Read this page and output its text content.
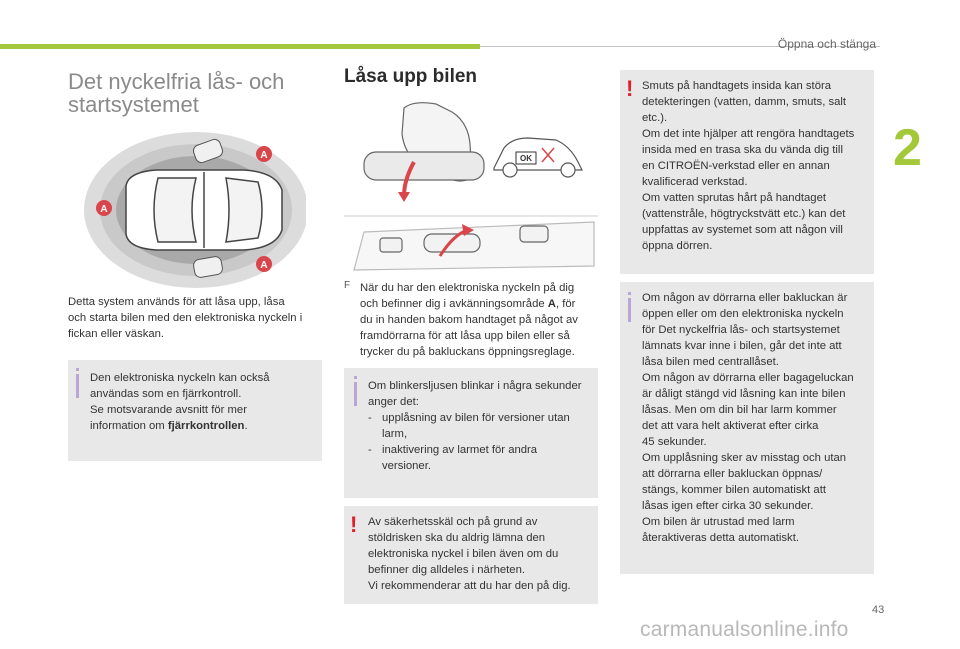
Öppna och stänga
2
Det nyckelfria lås- och
startsystemet
A
A
A

Detta system används för att låsa upp, låsa
och starta bilen med den elektroniska nyckeln i
fickan eller väskan.

Den elektroniska nyckeln kan också
användas som en fjärrkontroll.
Se motsvarande avsnitt för mer
information om fjärrkontrollen.

Låsa upp bilen
OK
F När du har den elektroniska nyckeln på dig
och befinner dig i avkänningsområde A, för
du in handen bakom handtaget på något av
framdörrarna för att låsa upp bilen eller så
trycker du på bakluckans öppningsreglage.

Om blinkersljusen blinkar i några sekunder
anger det:
- upplåsning av bilen för versioner utan
larm,
- inaktivering av larmet för andra
versioner.
! Av säkerhetsskäl och på grund av
stöldrisken ska du aldrig lämna den
elektroniska nyckel i bilen även om du
befinner dig alldeles i närheten.
Vi rekommenderar att du har den på dig.
! Smuts på handtagets insida kan störa
detekteringen (vatten, damm, smuts, salt
etc.).
Om det inte hjälper att rengöra handtagets
insida med en trasa ska du vända dig till
en CITROËN-verkstad eller en annan
kvalificerad verkstad.
Om vatten sprutas hårt på handtaget
(vattenstråle, högtryckstvätt etc.) kan det
uppfattas av systemet som att någon vill
öppna dörren.
Om någon av dörrarna eller bakluckan är
öppen eller om den elektroniska nyckeln
för Det nyckelfria lås- och startsystemet
lämnats kvar inne i bilen, går det inte att
låsa bilen med centrallåset.
Om någon av dörrarna eller bagageluckan
är dåligt stängd vid låsning kan inte bilen
låsas. Men om din bil har larm kommer
det att vara helt aktiverat efter cirka
45 sekunder.
Om upplåsning sker av misstag och utan
att dörrarna eller bakluckan öppnas/
stängs, kommer bilen automatiskt att
låsas igen efter cirka 30 sekunder.
Om bilen är utrustad med larm
återaktiveras detta automatiskt.
43
carmanualsonline.info
